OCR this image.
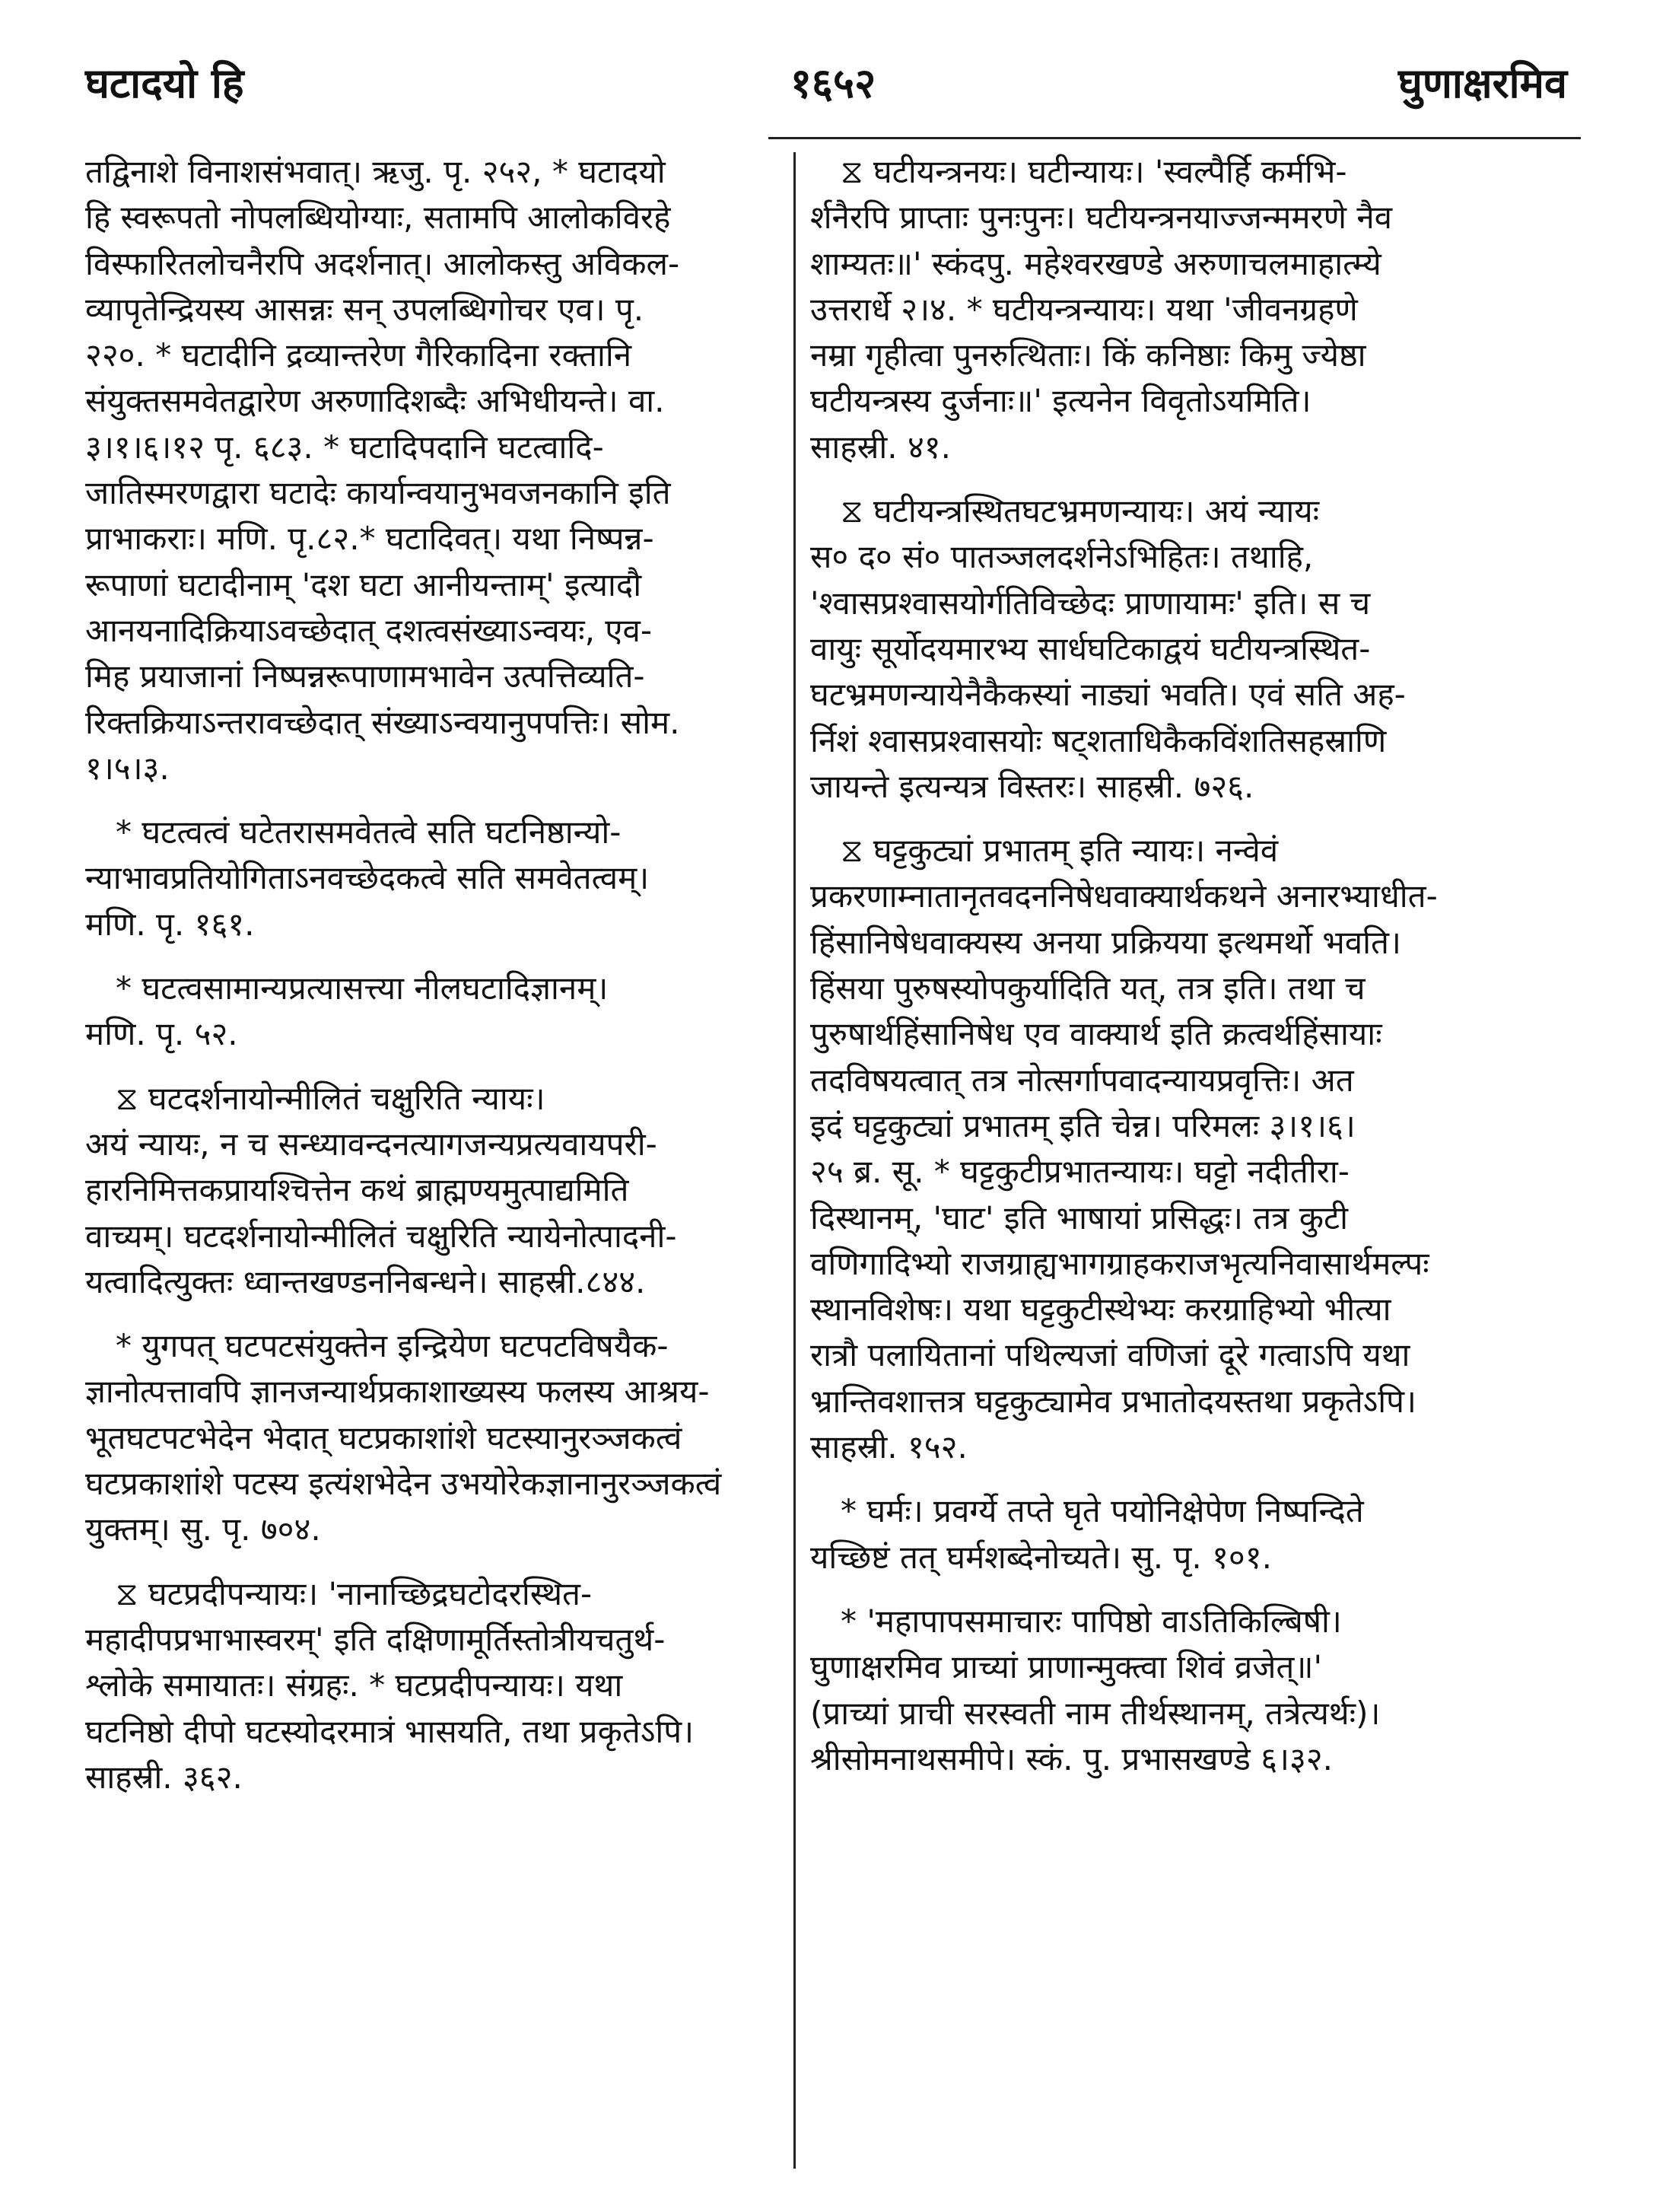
घटादयो हि	१६५२	घुणाक्षरमिव
तद्विनाशे विनाशसंभवात्। ऋजु. पृ. २५२, * घटादयो
हि स्वरूपतो नोपलब्धियोग्याः, सतामपि आलोकविरहे
विस्फारितलोचनैरपि अदर्शनात्। आलोकस्तु अविकल-
व्यापृतेन्द्रियस्य आसन्नः सन् उपलब्धिगोचर एव। पृ.
२२०. * घटादीनि द्रव्यान्तरेण गैरिकादिना रक्तानि
संयुक्तसमवेतद्वारेण अरुणादिशब्दैः अभिधीयन्ते। वा.
३।१।६।१२ पृ. ६८३. * घटादिपदानि घटत्वादि-
जातिस्मरणद्वारा घटादेः कार्यान्वयानुभवजनकानि इति
प्राभाकराः। मणि. पृ.८२.* घटादिवत्। यथा निष्पन्न-
रूपाणां घटादीनाम् 'दश घटा आनीयन्ताम्' इत्यादौ
आनयनादिक्रियाऽवच्छेदात् दशत्वसंख्याऽन्वयः, एव-
मिह प्रयाजानां निष्पन्नरूपाणामभावेन उत्पत्तिव्यति-
रिक्तक्रियाऽन्तरावच्छेदात् संख्याऽन्वयानुपपत्तिः। सोम.
१।५।३.
* घटत्वत्वं घटेतरासमवेतत्वे सति घटनिष्ठान्यो-
न्याभावप्रतियोगिताऽनवच्छेदकत्वे सति समवेतत्वम्।
मणि. पृ. १६१.
* घटत्वसामान्यप्रत्यासत्त्या नीलघटादिज्ञानम्।
मणि. पृ. ५२.
⧖ घटदर्शनायोन्मीलितं चक्षुरिति न्यायः।
अयं न्यायः, न च सन्ध्यावन्दनत्यागजन्यप्रत्यवायपरी-
हारनिमित्तकप्रायश्चित्तेन कथं ब्राह्मण्यमुत्पाद्यमिति
वाच्यम्। घटदर्शनायोन्मीलितं चक्षुरिति न्यायेनोत्पादनी-
यत्वादित्युक्तः ध्वान्तखण्डननिबन्धने। साहस्री.८४४.
* युगपत् घटपटसंयुक्तेन इन्द्रियेण घटपटविषयैक-
ज्ञानोत्पत्तावपि ज्ञानजन्यार्थप्रकाशाख्यस्य फलस्य आश्रय-
भूतघटपटभेदेन भेदात् घटप्रकाशांशे घटस्यानुरञ्जकत्वं
घटप्रकाशांशे पटस्य इत्यंशभेदेन उभयोरेकज्ञानानुरञ्जकत्वं
युक्तम्। सु. पृ. ७०४.
⧖ घटप्रदीपन्यायः। 'नानाच्छिद्रघटोदरस्थित-
महादीपप्रभाभास्वरम्' इति दक्षिणामूर्तिस्तोत्रीयचतुर्थ-
श्लोके समायातः। संग्रहः. * घटप्रदीपन्यायः। यथा
घटनिष्ठो दीपो घटस्योदरमात्रं भासयति, तथा प्रकृतेऽपि।
साहस्री. ३६२.
⧖ घटीयन्त्रनयः। घटीन्यायः। 'स्वल्पैर्हि कर्मभि-
र्शनैरपि प्राप्ताः पुनःपुनः। घटीयन्त्रनयाज्जन्ममरणे नैव
शाम्यतः॥' स्कंदपु. महेश्वरखण्डे अरुणाचलमाहात्म्ये
उत्तरार्धे २।४. * घटीयन्त्रन्यायः। यथा 'जीवनग्रहणे
नम्रा गृहीत्वा पुनरुत्थिताः। किं कनिष्ठाः किमु ज्येष्ठा
घटीयन्त्रस्य दुर्जनाः॥' इत्यनेन विवृतोऽयमिति।
साहस्री. ४१.
⧖ घटीयन्त्रस्थितघटभ्रमणन्यायः। अयं न्यायः
स० द० सं० पातञ्जलदर्शनेऽभिहितः। तथाहि,
'श्वासप्रश्वासयोर्गतिविच्छेदः प्राणायामः' इति। स च
वायुः सूर्योदयमारभ्य सार्धघटिकाद्वयं घटीयन्त्रस्थित-
घटभ्रमणन्यायेनैकैकस्यां नाड्यां भवति। एवं सति अह-
र्निशं श्वासप्रश्वासयोः षट्शताधिकैकविंशतिसहस्राणि
जायन्ते इत्यन्यत्र विस्तरः। साहस्री. ७२६.
⧖ घट्टकुट्यां प्रभातम् इति न्यायः। नन्वेवं
प्रकरणाम्नातानृतवदननिषेधवाक्यार्थकथने अनारभ्याधीत-
हिंसानिषेधवाक्यस्य अनया प्रक्रियया इत्थमर्थो भवति।
हिंसया पुरुषस्योपकुर्यादिति यत्, तत्र इति। तथा च
पुरुषार्थहिंसानिषेध एव वाक्यार्थ इति क्रत्वर्थहिंसायाः
तदविषयत्वात् तत्र नोत्सर्गापवादन्यायप्रवृत्तिः। अत
इदं घट्टकुट्यां प्रभातम् इति चेन्न। परिमलः ३।१।६।
२५ ब्र. सू. * घट्टकुटीप्रभातन्यायः। घट्टो नदीतीरा-
दिस्थानम्, 'घाट' इति भाषायां प्रसिद्धः। तत्र कुटी
वणिगादिभ्यो राजग्राह्यभागग्राहकराजभृत्यनिवासार्थमल्पः
स्थानविशेषः। यथा घट्टकुटीस्थेभ्यः करग्राहिभ्यो भीत्या
रात्रौ पलायितानां पथिल्यजां वणिजां दूरे गत्वाऽपि यथा
भ्रान्तिवशात्तत्र घट्टकुट्यामेव प्रभातोदयस्तथा प्रकृतेऽपि।
साहस्री. १५२.
* घर्मः। प्रवर्ग्ये तप्ते घृते पयोनिक्षेपेण निष्पन्दिते
यच्छिष्टं तत् घर्मशब्देनोच्यते। सु. पृ. १०१.
* 'महापापसमाचारः पापिष्ठो वाऽतिकिल्बिषी।
घुणाक्षरमिव प्राच्यां प्राणान्मुक्त्वा शिवं व्रजेत्॥'
(प्राच्यां प्राची सरस्वती नाम तीर्थस्थानम्, तत्रेत्यर्थः)।
श्रीसोमनाथसमीपे। स्कं. पु. प्रभासखण्डे ६।३२.
